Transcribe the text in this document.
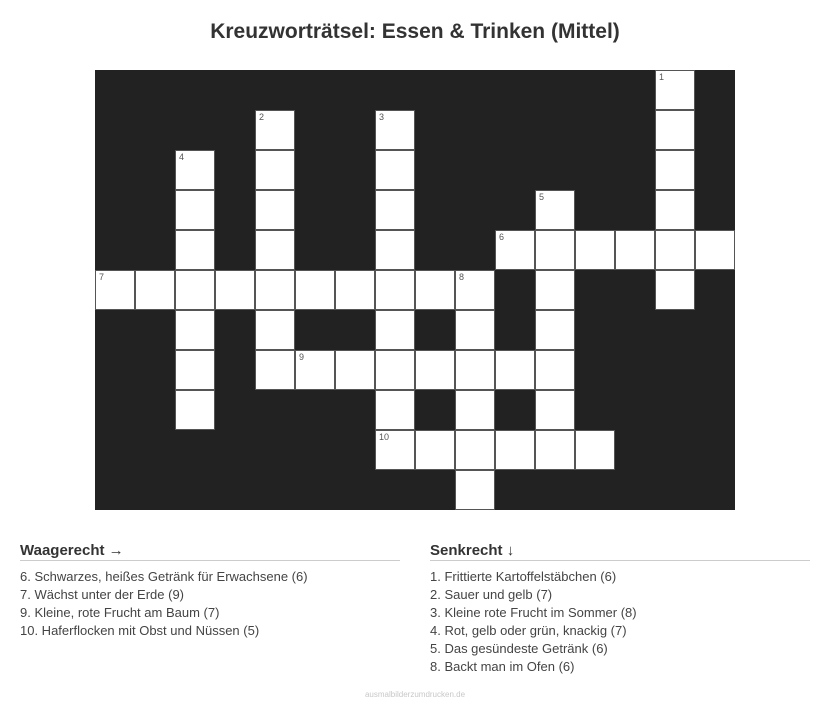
Kreuzworträtsel: Essen & Trinken (Mittel)
1
2	3
4
5
6
7	8
9
10
Waagerecht →
6. Schwarzes, heißes Getränk für Erwachsene (6)
7. Wächst unter der Erde (9)
9. Kleine, rote Frucht am Baum (7)
10. Haferflocken mit Obst und Nüssen (5)
Senkrecht ↓
1. Frittierte Kartoffelstäbchen (6)
2. Sauer und gelb (7)
3. Kleine rote Frucht im Sommer (8)
4. Rot, gelb oder grün, knackig (7)
5. Das gesündeste Getränk (6)
8. Backt man im Ofen (6)
ausmalbilderzumdrucken.de
